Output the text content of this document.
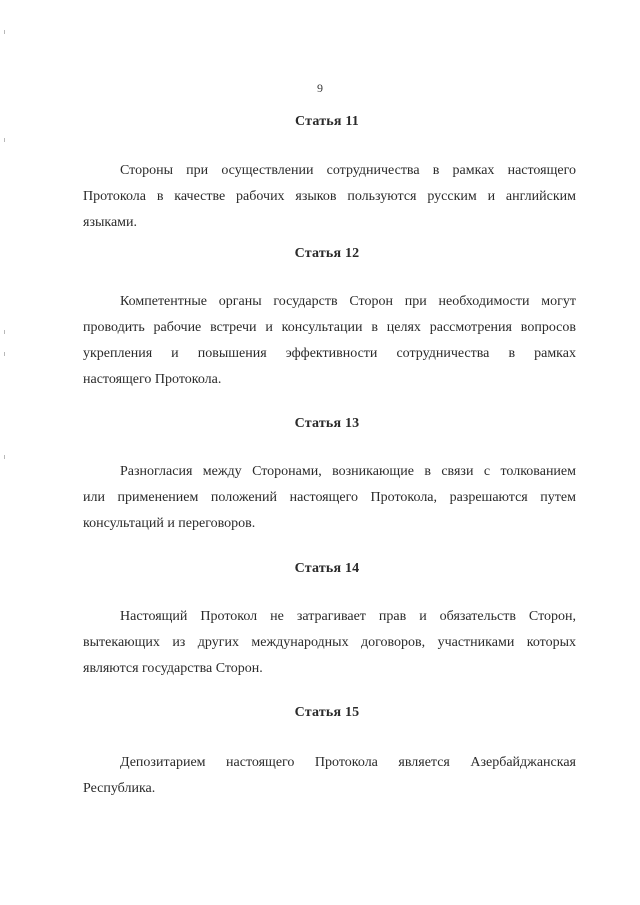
9
Статья 11
Стороны при осуществлении сотрудничества в рамках настоящего
Протокола в качестве рабочих языков пользуются русским и английским
языками.
Статья 12
Компетентные органы государств Сторон при необходимости могут
проводить рабочие встречи и консультации в целях рассмотрения вопросов
укрепления и повышения эффективности сотрудничества в рамках
настоящего Протокола.
Статья 13
Разногласия между Сторонами, возникающие в связи с толкованием
или применением положений настоящего Протокола, разрешаются путем
консультаций и переговоров.
Статья 14
Настоящий Протокол не затрагивает прав и обязательств Сторон,
вытекающих из других международных договоров, участниками которых
являются государства Сторон.
Статья 15
Депозитарием настоящего Протокола является Азербайджанская
Республика.
